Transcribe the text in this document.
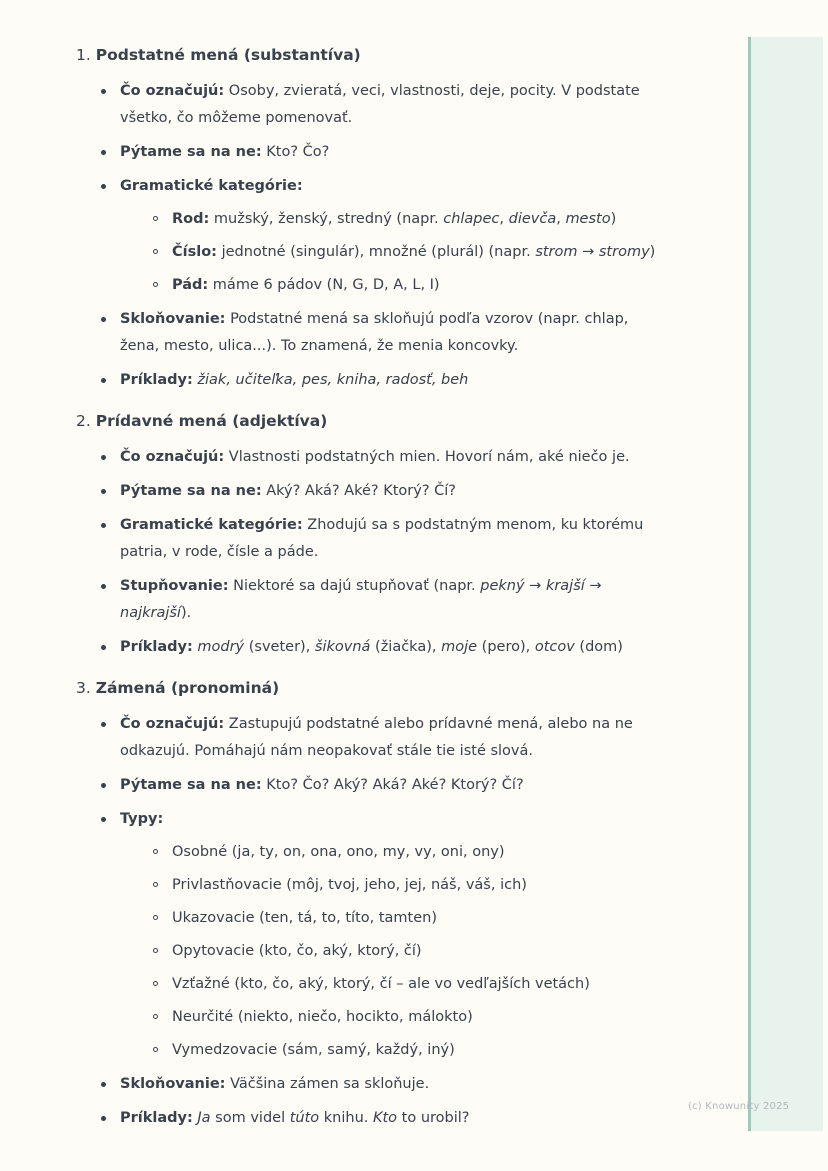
(c) Knowunity 2025
1. Podstatné mená (substantíva)
Čo označujú: Osoby, zvieratá, veci, vlastnosti, deje, pocity. V podstate všetko, čo môžeme pomenovať.
Pýtame sa na ne: Kto? Čo?
Gramatické kategórie:
Rod: mužský, ženský, stredný (napr. chlapec, dievča, mesto)
Číslo: jednotné (singulár), množné (plurál) (napr. strom → stromy)
Pád: máme 6 pádov (N, G, D, A, L, I)
Skloňovanie: Podstatné mená sa skloňujú podľa vzorov (napr. chlap, žena, mesto, ulica...). To znamená, že menia koncovky.
Príklady: žiak, učiteľka, pes, kniha, radosť, beh
2. Prídavné mená (adjektíva)
Čo označujú: Vlastnosti podstatných mien. Hovorí nám, aké niečo je.
Pýtame sa na ne: Aký? Aká? Aké? Ktorý? Čí?
Gramatické kategórie: Zhodujú sa s podstatným menom, ku ktorému patria, v rode, čísle a páde.
Stupňovanie: Niektoré sa dajú stupňovať (napr. pekný → krajší → najkrajší).
Príklady: modrý (sveter), šikovná (žiačka), moje (pero), otcov (dom)
3. Zámená (pronominá)
Čo označujú: Zastupujú podstatné alebo prídavné mená, alebo na ne odkazujú. Pomáhajú nám neopakovať stále tie isté slová.
Pýtame sa na ne: Kto? Čo? Aký? Aká? Aké? Ktorý? Čí?
Typy:
Osobné (ja, ty, on, ona, ono, my, vy, oni, ony)
Privlastňovacie (môj, tvoj, jeho, jej, náš, váš, ich)
Ukazovacie (ten, tá, to, títo, tamten)
Opytovacie (kto, čo, aký, ktorý, čí)
Vzťažné (kto, čo, aký, ktorý, čí – ale vo vedľajších vetách)
Neurčité (niekto, niečo, hocikto, málokto)
Vymedzovacie (sám, samý, každý, iný)
Skloňovanie: Väčšina zámen sa skloňuje.
Príklady: Ja som videl túto knihu. Kto to urobil?
